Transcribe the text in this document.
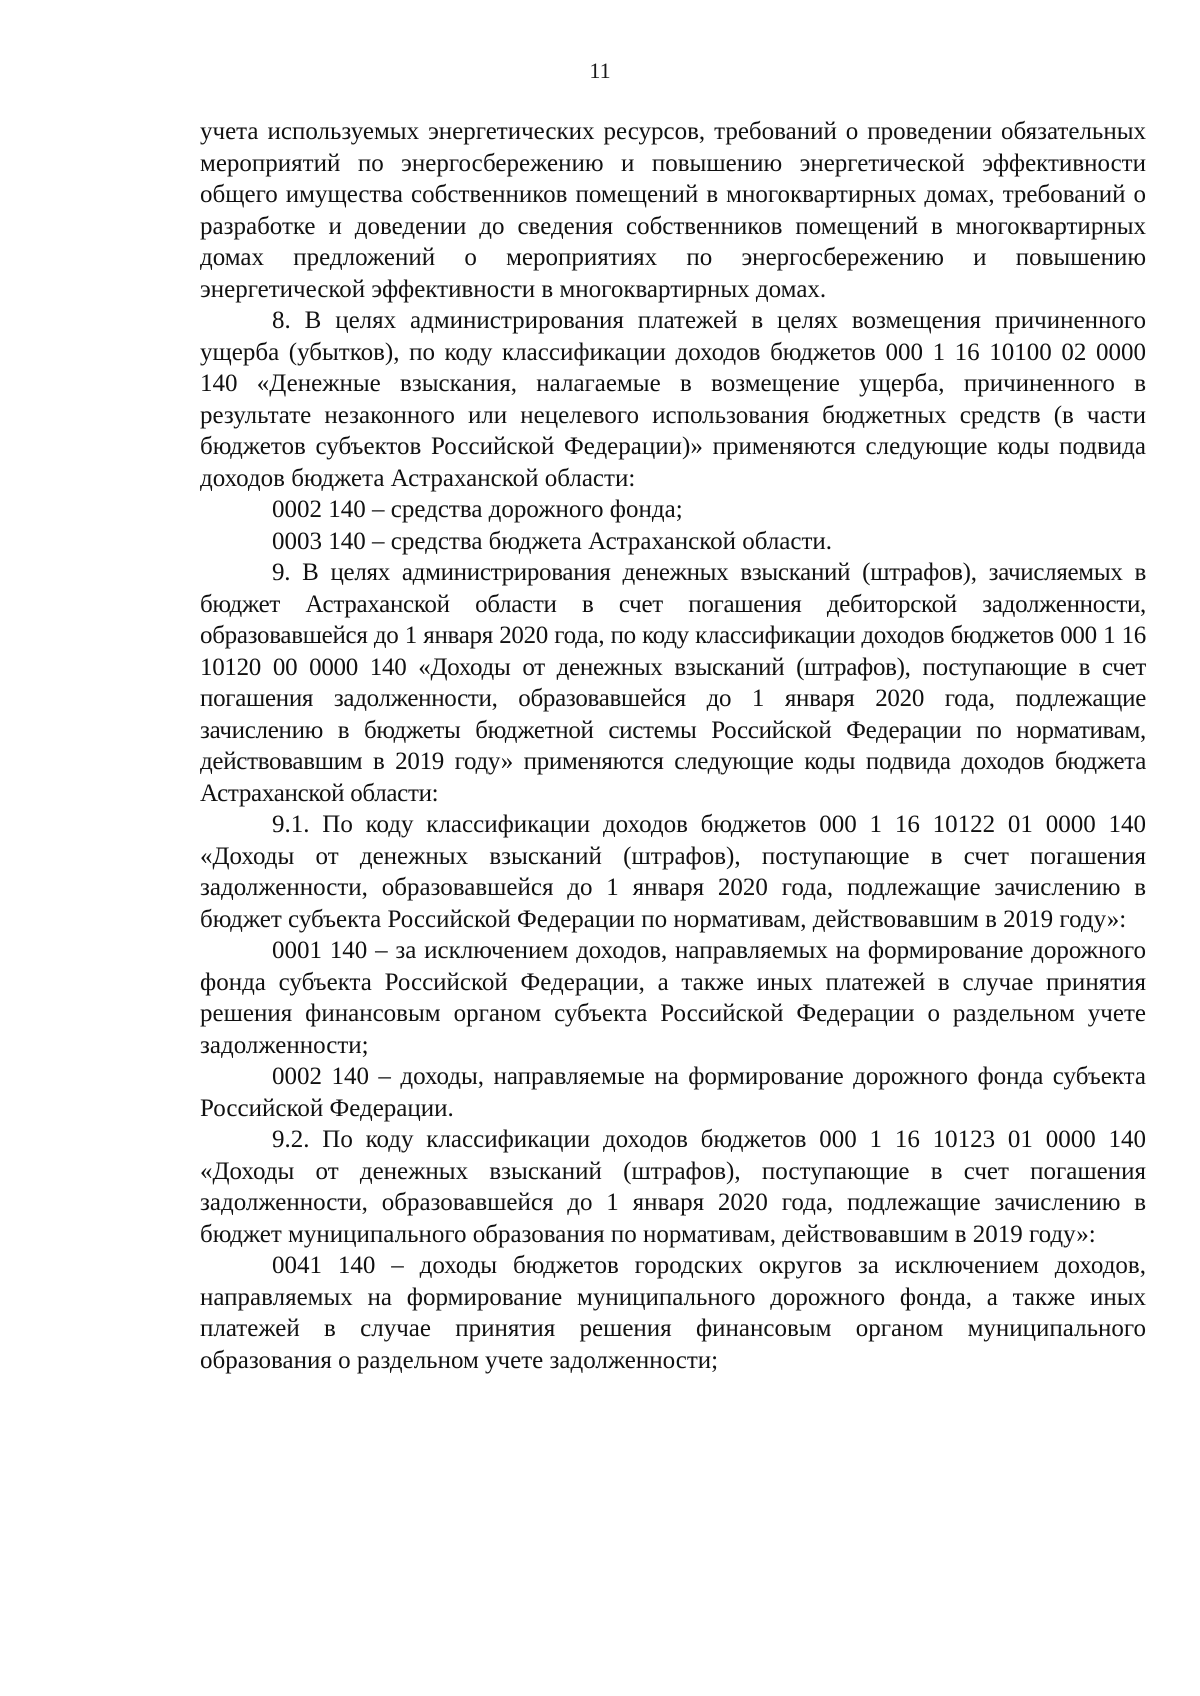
11

учета используемых энергетических ресурсов, требований о проведении обязательных мероприятий по энергосбережению и повышению энергетической эффективности общего имущества собственников помещений в многоквартирных домах, требований о разработке и доведении до сведения собственников помещений в многоквартирных домах предложений о мероприятиях по энергосбережению и повышению энергетической эффективности в многоквартирных домах.

8. В целях администрирования платежей в целях возмещения причиненного ущерба (убытков), по коду классификации доходов бюджетов 000 1 16 10100 02 0000 140 «Денежные взыскания, налагаемые в возмещение ущерба, причиненного в результате незаконного или нецелевого использования бюджетных средств (в части бюджетов субъектов Российской Федерации)» применяются следующие коды подвида доходов бюджета Астраханской области:

0002 140 – средства дорожного фонда;

0003 140 – средства бюджета Астраханской области.

9. В целях администрирования денежных взысканий (штрафов), зачисляемых в бюджет Астраханской области в счет погашения дебиторской задолженности, образовавшейся до 1 января 2020 года, по коду классификации доходов бюджетов 000 1 16 10120 00 0000 140 «Доходы от денежных взысканий (штрафов), поступающие в счет погашения задолженности, образовавшейся до 1 января 2020 года, подлежащие зачислению в бюджеты бюджетной системы Российской Федерации по нормативам, действовавшим в 2019 году» применяются следующие коды подвида доходов бюджета Астраханской области:

9.1. По коду классификации доходов бюджетов 000 1 16 10122 01 0000 140 «Доходы от денежных взысканий (штрафов), поступающие в счет погашения задолженности, образовавшейся до 1 января 2020 года, подлежащие зачислению в бюджет субъекта Российской Федерации по нормативам, действовавшим в 2019 году»:

0001 140 – за исключением доходов, направляемых на формирование дорожного фонда субъекта Российской Федерации, а также иных платежей в случае принятия решения финансовым органом субъекта Российской Федерации о раздельном учете задолженности;

0002 140 – доходы, направляемые на формирование дорожного фонда субъекта Российской Федерации.

9.2. По коду классификации доходов бюджетов 000 1 16 10123 01 0000 140 «Доходы от денежных взысканий (штрафов), поступающие в счет погашения задолженности, образовавшейся до 1 января 2020 года, подлежащие зачислению в бюджет муниципального образования по нормативам, действовавшим в 2019 году»:

0041 140 – доходы бюджетов городских округов за исключением доходов, направляемых на формирование муниципального дорожного фонда, а также иных платежей в случае принятия решения финансовым органом муниципального образования о раздельном учете задолженности;
